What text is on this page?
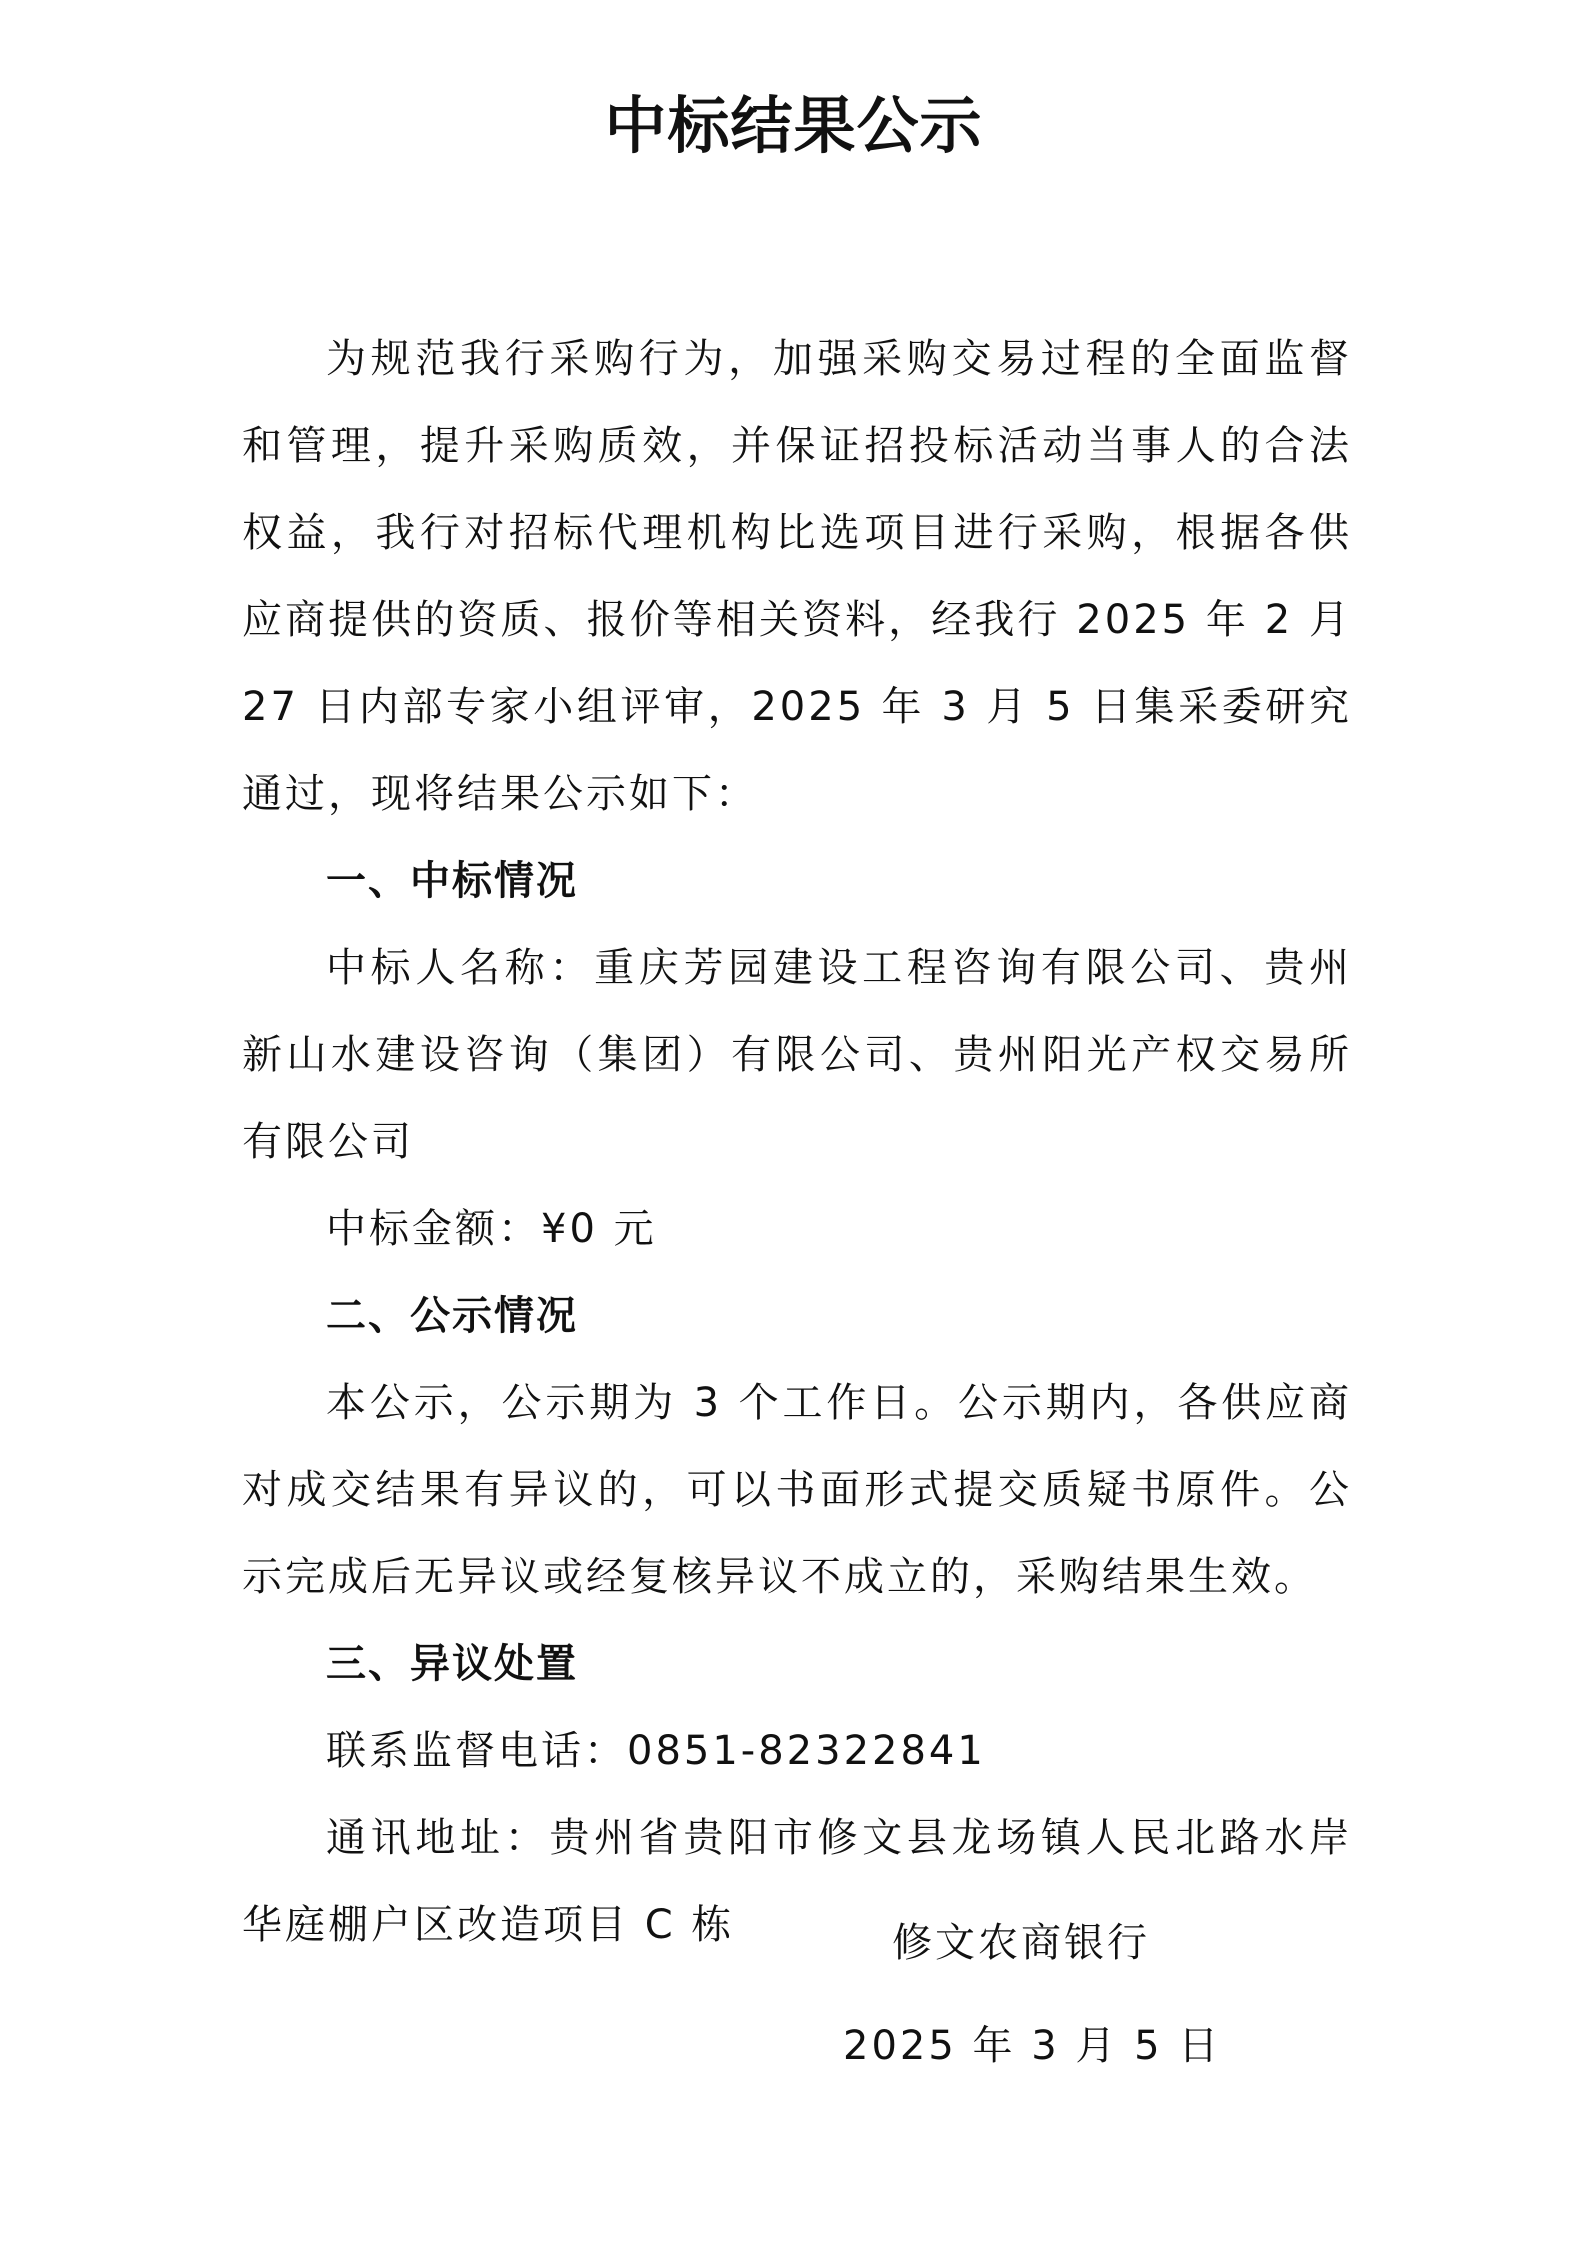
中标结果公示

为规范我行采购行为，加强采购交易过程的全面监督和管理，提升采购质效，并保证招投标活动当事人的合法权益，我行对招标代理机构比选项目进行采购，根据各供应商提供的资质、报价等相关资料，经我行 2025 年 2 月 27 日内部专家小组评审，2025 年 3 月 5 日集采委研究通过，现将结果公示如下：

一、中标情况

中标人名称：重庆芳园建设工程咨询有限公司、贵州新山水建设咨询（集团）有限公司、贵州阳光产权交易所有限公司

中标金额：¥0 元

二、公示情况

本公示，公示期为 3 个工作日。公示期内，各供应商对成交结果有异议的，可以书面形式提交质疑书原件。公示完成后无异议或经复核异议不成立的，采购结果生效。

三、异议处置

联系监督电话：0851-82322841

通讯地址：贵州省贵阳市修文县龙场镇人民北路水岸华庭棚户区改造项目 C 栋	修文农商银行
2025 年 3 月 5 日
